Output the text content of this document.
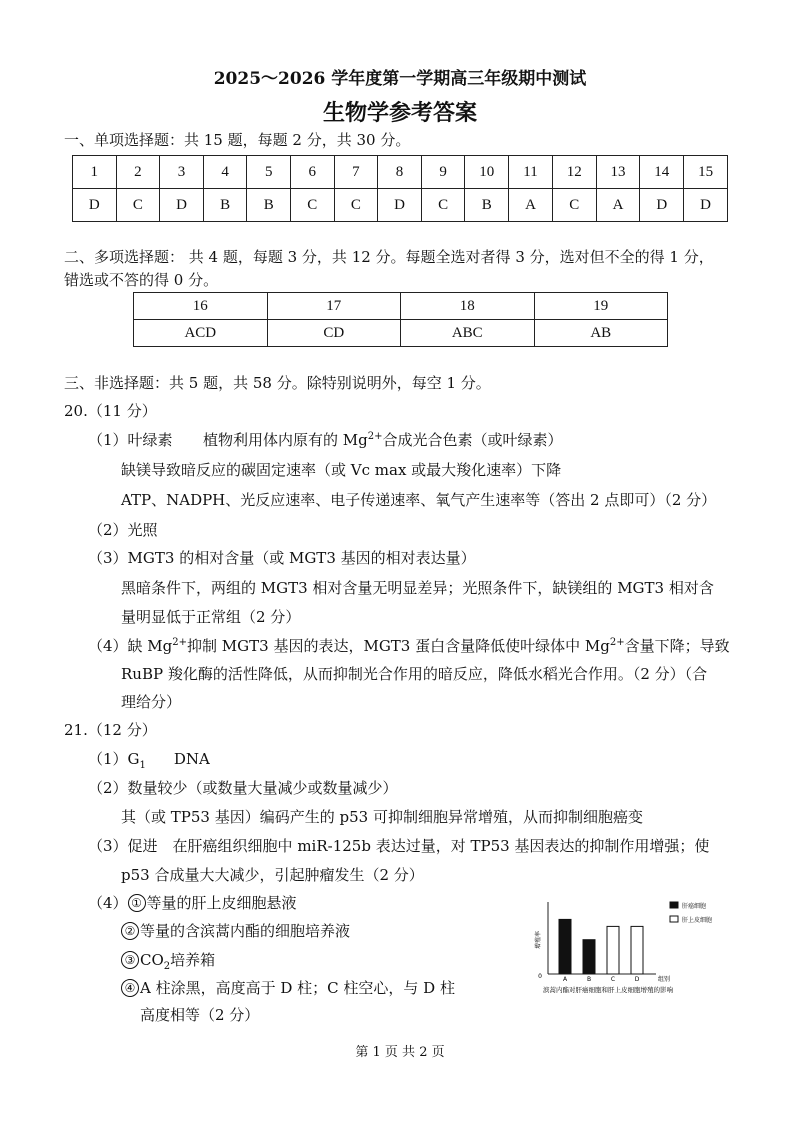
2025～2026 学年度第一学期高三年级期中测试
生物学参考答案
一、单项选择题：共 15 题，每题 2 分，共 30 分。
1	2	3	4	5	6	7	8	9	10	11	12	13	14	15
D	C	D	B	B	C	C	D	C	B	A	C	A	D	D
二、多项选择题： 共 4 题，每题 3 分，共 12 分。每题全选对者得 3 分，选对但不全的得 1 分，
错选或不答的得 0 分。
16	17	18	19
ACD	CD	ABC	AB
三、非选择题：共 5 题，共 58 分。除特别说明外，每空 1 分。
20.（11 分）
（1）叶绿素 植物利用体内原有的 $Mg^{2+}$合成光合色素（或叶绿素）
缺镁导致暗反应的碳固定速率（或 Vc max 或最大羧化速率）下降
ATP、NADPH、光反应速率、电子传递速率、氧气产生速率等（答出 2 点即可）（2 分）
（2）光照
（3）MGT3 的相对含量（或 MGT3 基因的相对表达量）
黑暗条件下，两组的 MGT3 相对含量无明显差异；光照条件下，缺镁组的 MGT3 相对含
量明显低于正常组（2 分）
（4）缺 $Mg^{2+}$抑制 MGT3 基因的表达，MGT3 蛋白含量降低使叶绿体中 $Mg^{2+}$含量下降；导致
RuBP 羧化酶的活性降低，从而抑制光合作用的暗反应，降低水稻光合作用。（2 分）（合
理给分）
21.（12 分）
$(1)G_1$ DNA
（2）数量较少（或数量大量减少或数量减少）
其（或 TP53 基因）编码产生的 p53 可抑制细胞异常增殖，从而抑制细胞癌变
（3）促进　在肝癌组织细胞中 miR-125b 表达过量，对 TP53 基因表达的抑制作用增强；使
p53 合成量大大减少，引起肿瘤发生（2 分）
（4） ① 等量的肝上皮细胞悬液
② 等量的含滨蒿内酯的细胞培养液
③ $CO_2$培养箱
④ A 柱涂黑，高度高于 D 柱；C 柱空心，与 D 柱
高度相等（2 分）
0
增殖率
A	B	C	D	组别
滨蒿内酯对肝癌细胞和肝上皮细胞增殖的影响
肝癌细胞
肝上皮细胞
第 1 页 共 2 页
